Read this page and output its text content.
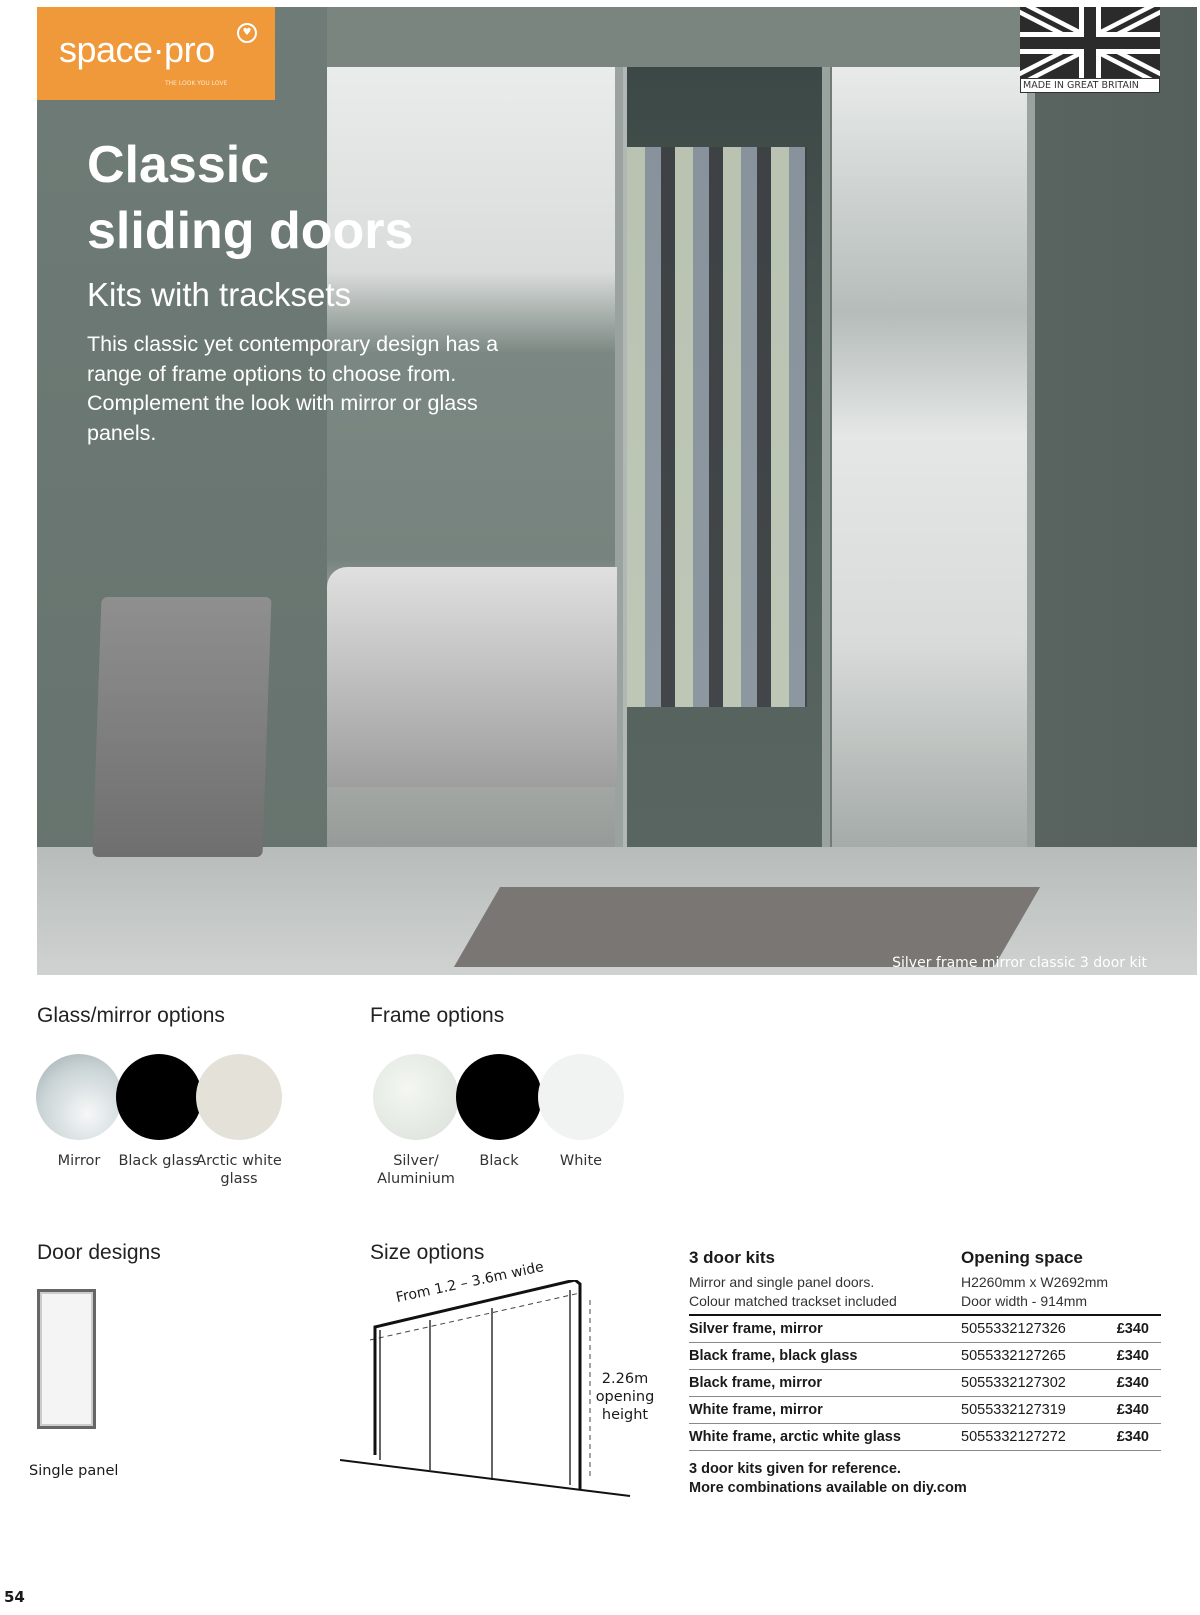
Silver frame mirror classic 3 door kit
space·pro	♥
THE LOOK YOU LOVE	MADE IN GREAT BRITAIN
Classic
sliding doors
Kits with tracksets
This classic yet contemporary design has a range of frame options to choose from. Complement the look with mirror or glass panels.
Glass/mirror options
Mirror	Black glass
Arctic white glass
Frame options
Silver/ Aluminium
Black	White
Door designs
Single panel
Size options
From 1.2 – 3.6m wide
2.26m
opening
height
3 door kits
Mirror and single panel doors.
Colour matched trackset included
Opening space
H2260mm x W2692mm
Door width - 914mm
Silver frame, mirror	5055332127326	£340
Black frame, black glass	5055332127265	£340
Black frame, mirror	5055332127302	£340
White frame, mirror	5055332127319	£340
White frame, arctic white glass	5055332127272	£340
3 door kits given for reference.
More combinations available on diy.com
54
